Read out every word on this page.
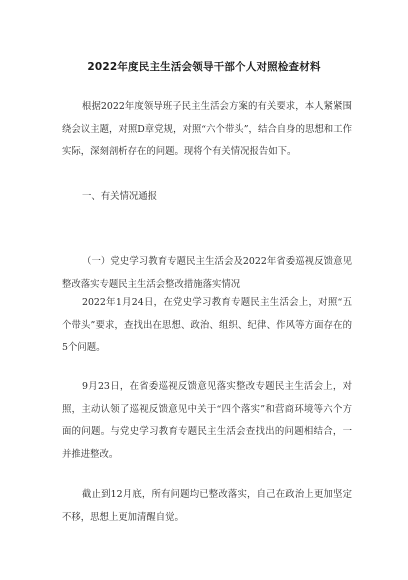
2022年度民主生活会领导干部个人对照检查材料

根据2022年度领导班子民主生活会方案的有关要求，本人紧紧围绕会议主题，对照D章党规，对照“六个带头”，结合自身的思想和工作实际，深刻剖析存在的问题。现将个有关情况报告如下。

一、有关情况通报

（一）党史学习教育专题民主生活会及2022年省委巡视反馈意见整改落实专题民主生活会整改措施落实情况

2022年1月24日，在党史学习教育专题民主生活会上，对照“五个带头”要求，查找出在思想、政治、组织、纪律、作风等方面存在的5个问题。

9月23日，在省委巡视反馈意见落实整改专题民主生活会上，对照，主动认领了巡视反馈意见中关于“四个落实”和营商环境等六个方面的问题。与党史学习教育专题民主生活会查找出的问题相结合，一并推进整改。

截止到12月底，所有问题均已整改落实，自己在政治上更加坚定不移，思想上更加清醒自觉。
